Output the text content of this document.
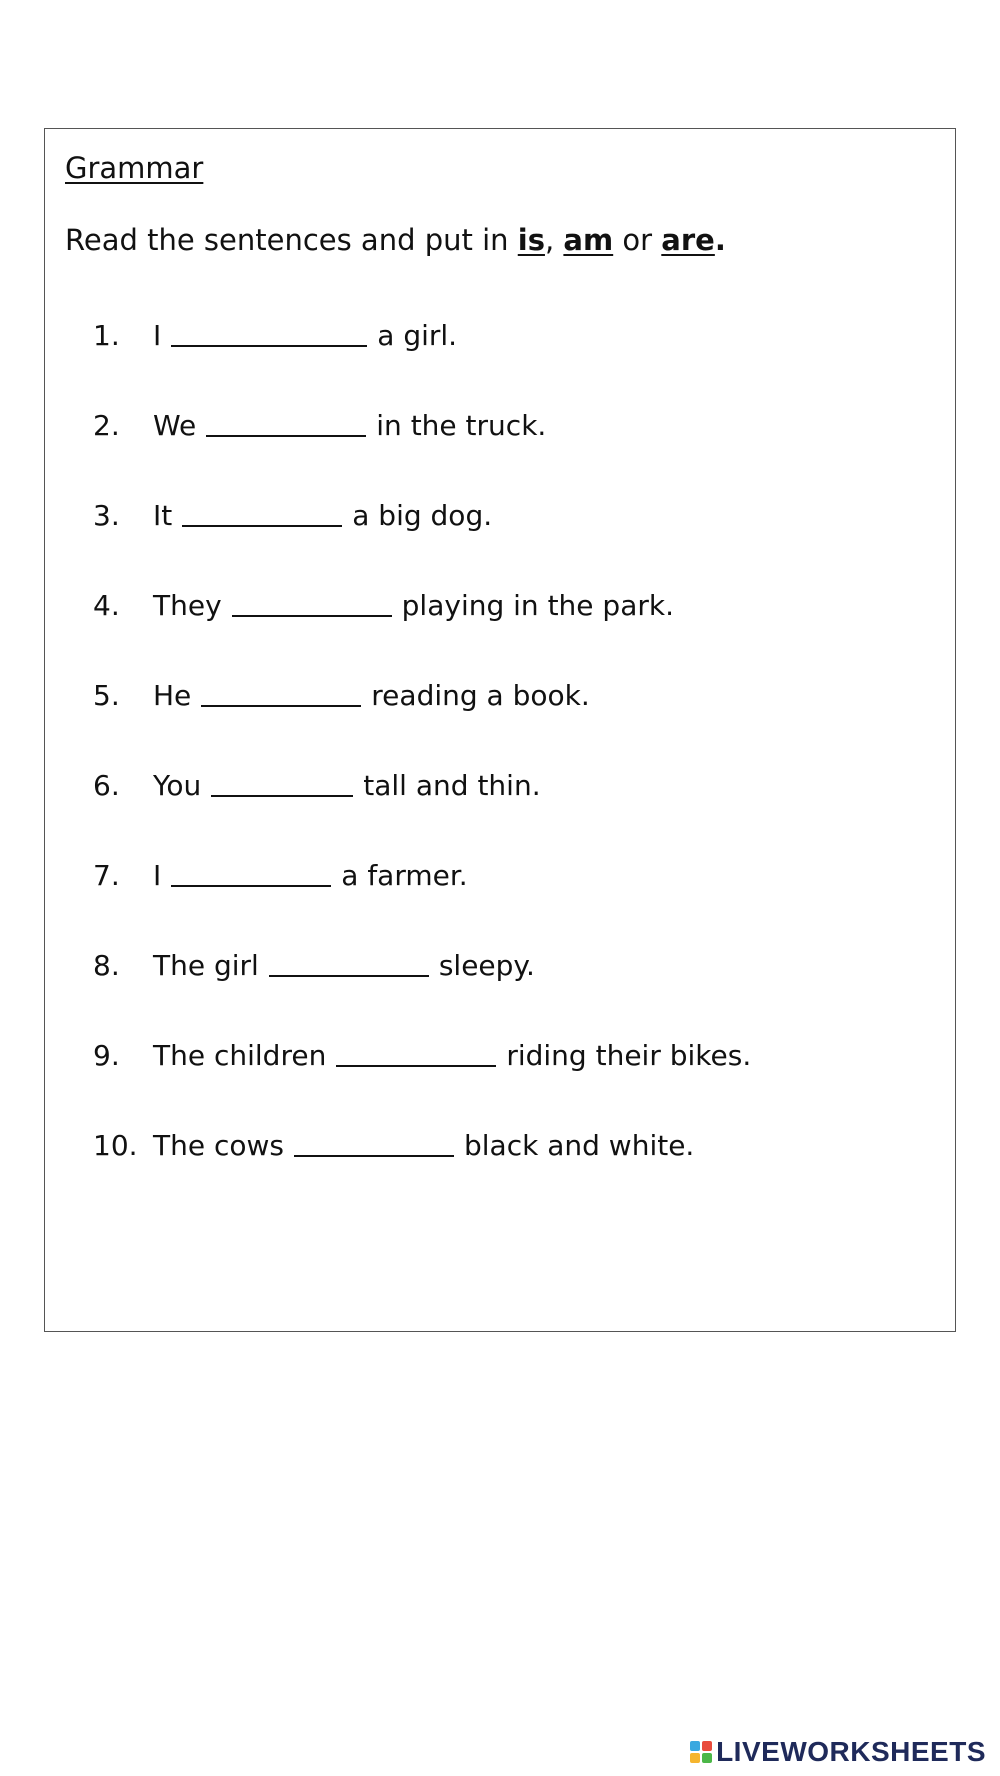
Grammar

Read the sentences and put in is, am or are.

1.	I	a girl.
2.	We	in the truck.
3.	It	a big dog.
4.	They	playing in the park.
5.	He	reading a book.
6.	You	tall and thin.
7.	I	a farmer.
8.	The girl	sleepy.
9.	The children	riding their bikes.
10. The cows	black and white.
LIVEWORKSHEETS
